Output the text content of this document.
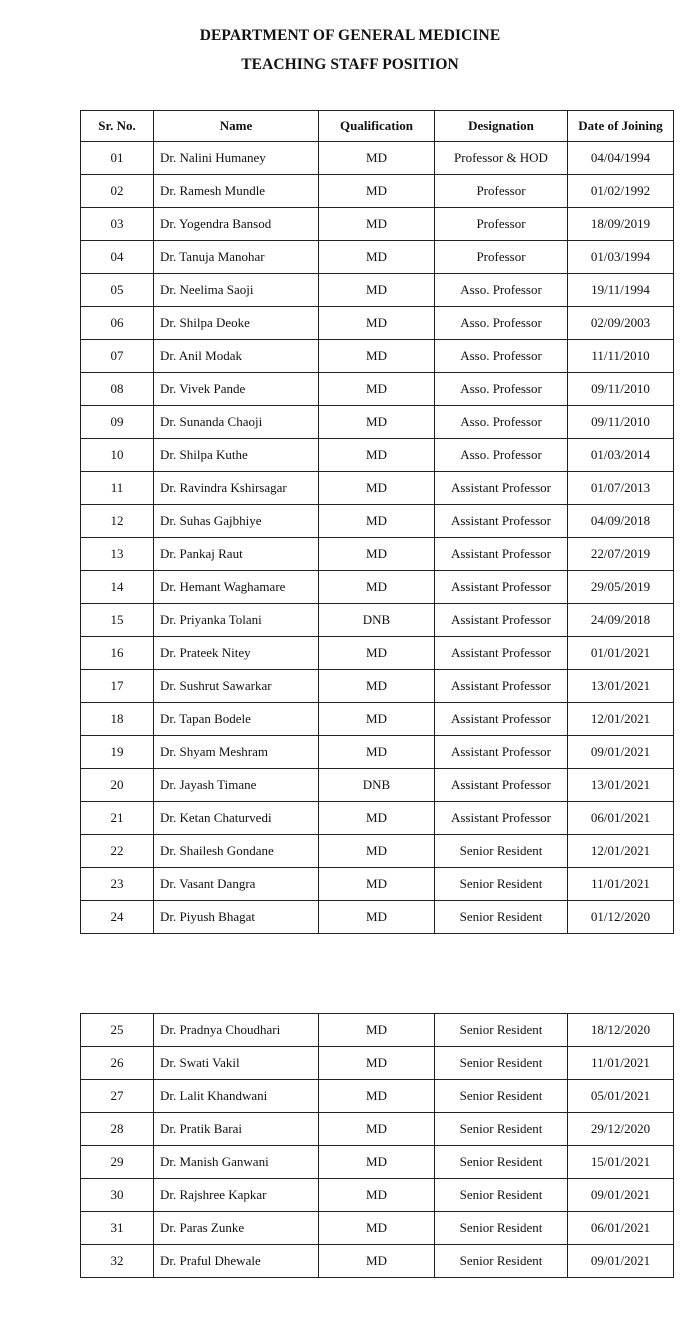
DEPARTMENT OF GENERAL MEDICINE
TEACHING STAFF POSITION
Sr. No.	Name	Qualification	Designation	Date of Joining
01	Dr. Nalini Humaney	MD	Professor & HOD	04/04/1994
02	Dr. Ramesh Mundle	MD	Professor	01/02/1992
03	Dr. Yogendra Bansod	MD	Professor	18/09/2019
04	Dr. Tanuja Manohar	MD	Professor	01/03/1994
05	Dr. Neelima Saoji	MD	Asso. Professor	19/11/1994
06	Dr. Shilpa Deoke	MD	Asso. Professor	02/09/2003
07	Dr. Anil Modak	MD	Asso. Professor	11/11/2010
08	Dr. Vivek Pande	MD	Asso. Professor	09/11/2010
09	Dr. Sunanda Chaoji	MD	Asso. Professor	09/11/2010
10	Dr. Shilpa Kuthe	MD	Asso. Professor	01/03/2014
11	Dr. Ravindra Kshirsagar	MD	Assistant Professor	01/07/2013
12	Dr. Suhas Gajbhiye	MD	Assistant Professor	04/09/2018
13	Dr. Pankaj Raut	MD	Assistant Professor	22/07/2019
14	Dr. Hemant Waghamare	MD	Assistant Professor	29/05/2019
15	Dr. Priyanka Tolani	DNB	Assistant Professor	24/09/2018
16	Dr. Prateek Nitey	MD	Assistant Professor	01/01/2021
17	Dr. Sushrut Sawarkar	MD	Assistant Professor	13/01/2021
18	Dr. Tapan Bodele	MD	Assistant Professor	12/01/2021
19	Dr. Shyam Meshram	MD	Assistant Professor	09/01/2021
20	Dr. Jayash Timane	DNB	Assistant Professor	13/01/2021
21	Dr. Ketan Chaturvedi	MD	Assistant Professor	06/01/2021
22	Dr. Shailesh Gondane	MD	Senior Resident	12/01/2021
23	Dr. Vasant Dangra	MD	Senior Resident	11/01/2021
24	Dr. Piyush Bhagat	MD	Senior Resident	01/12/2020
25	Dr. Pradnya Choudhari	MD	Senior Resident	18/12/2020
26	Dr. Swati Vakil	MD	Senior Resident	11/01/2021
27	Dr. Lalit Khandwani	MD	Senior Resident	05/01/2021
28	Dr. Pratik Barai	MD	Senior Resident	29/12/2020
29	Dr. Manish Ganwani	MD	Senior Resident	15/01/2021
30	Dr. Rajshree Kapkar	MD	Senior Resident	09/01/2021
31	Dr. Paras Zunke	MD	Senior Resident	06/01/2021
32	Dr. Praful Dhewale	MD	Senior Resident	09/01/2021
